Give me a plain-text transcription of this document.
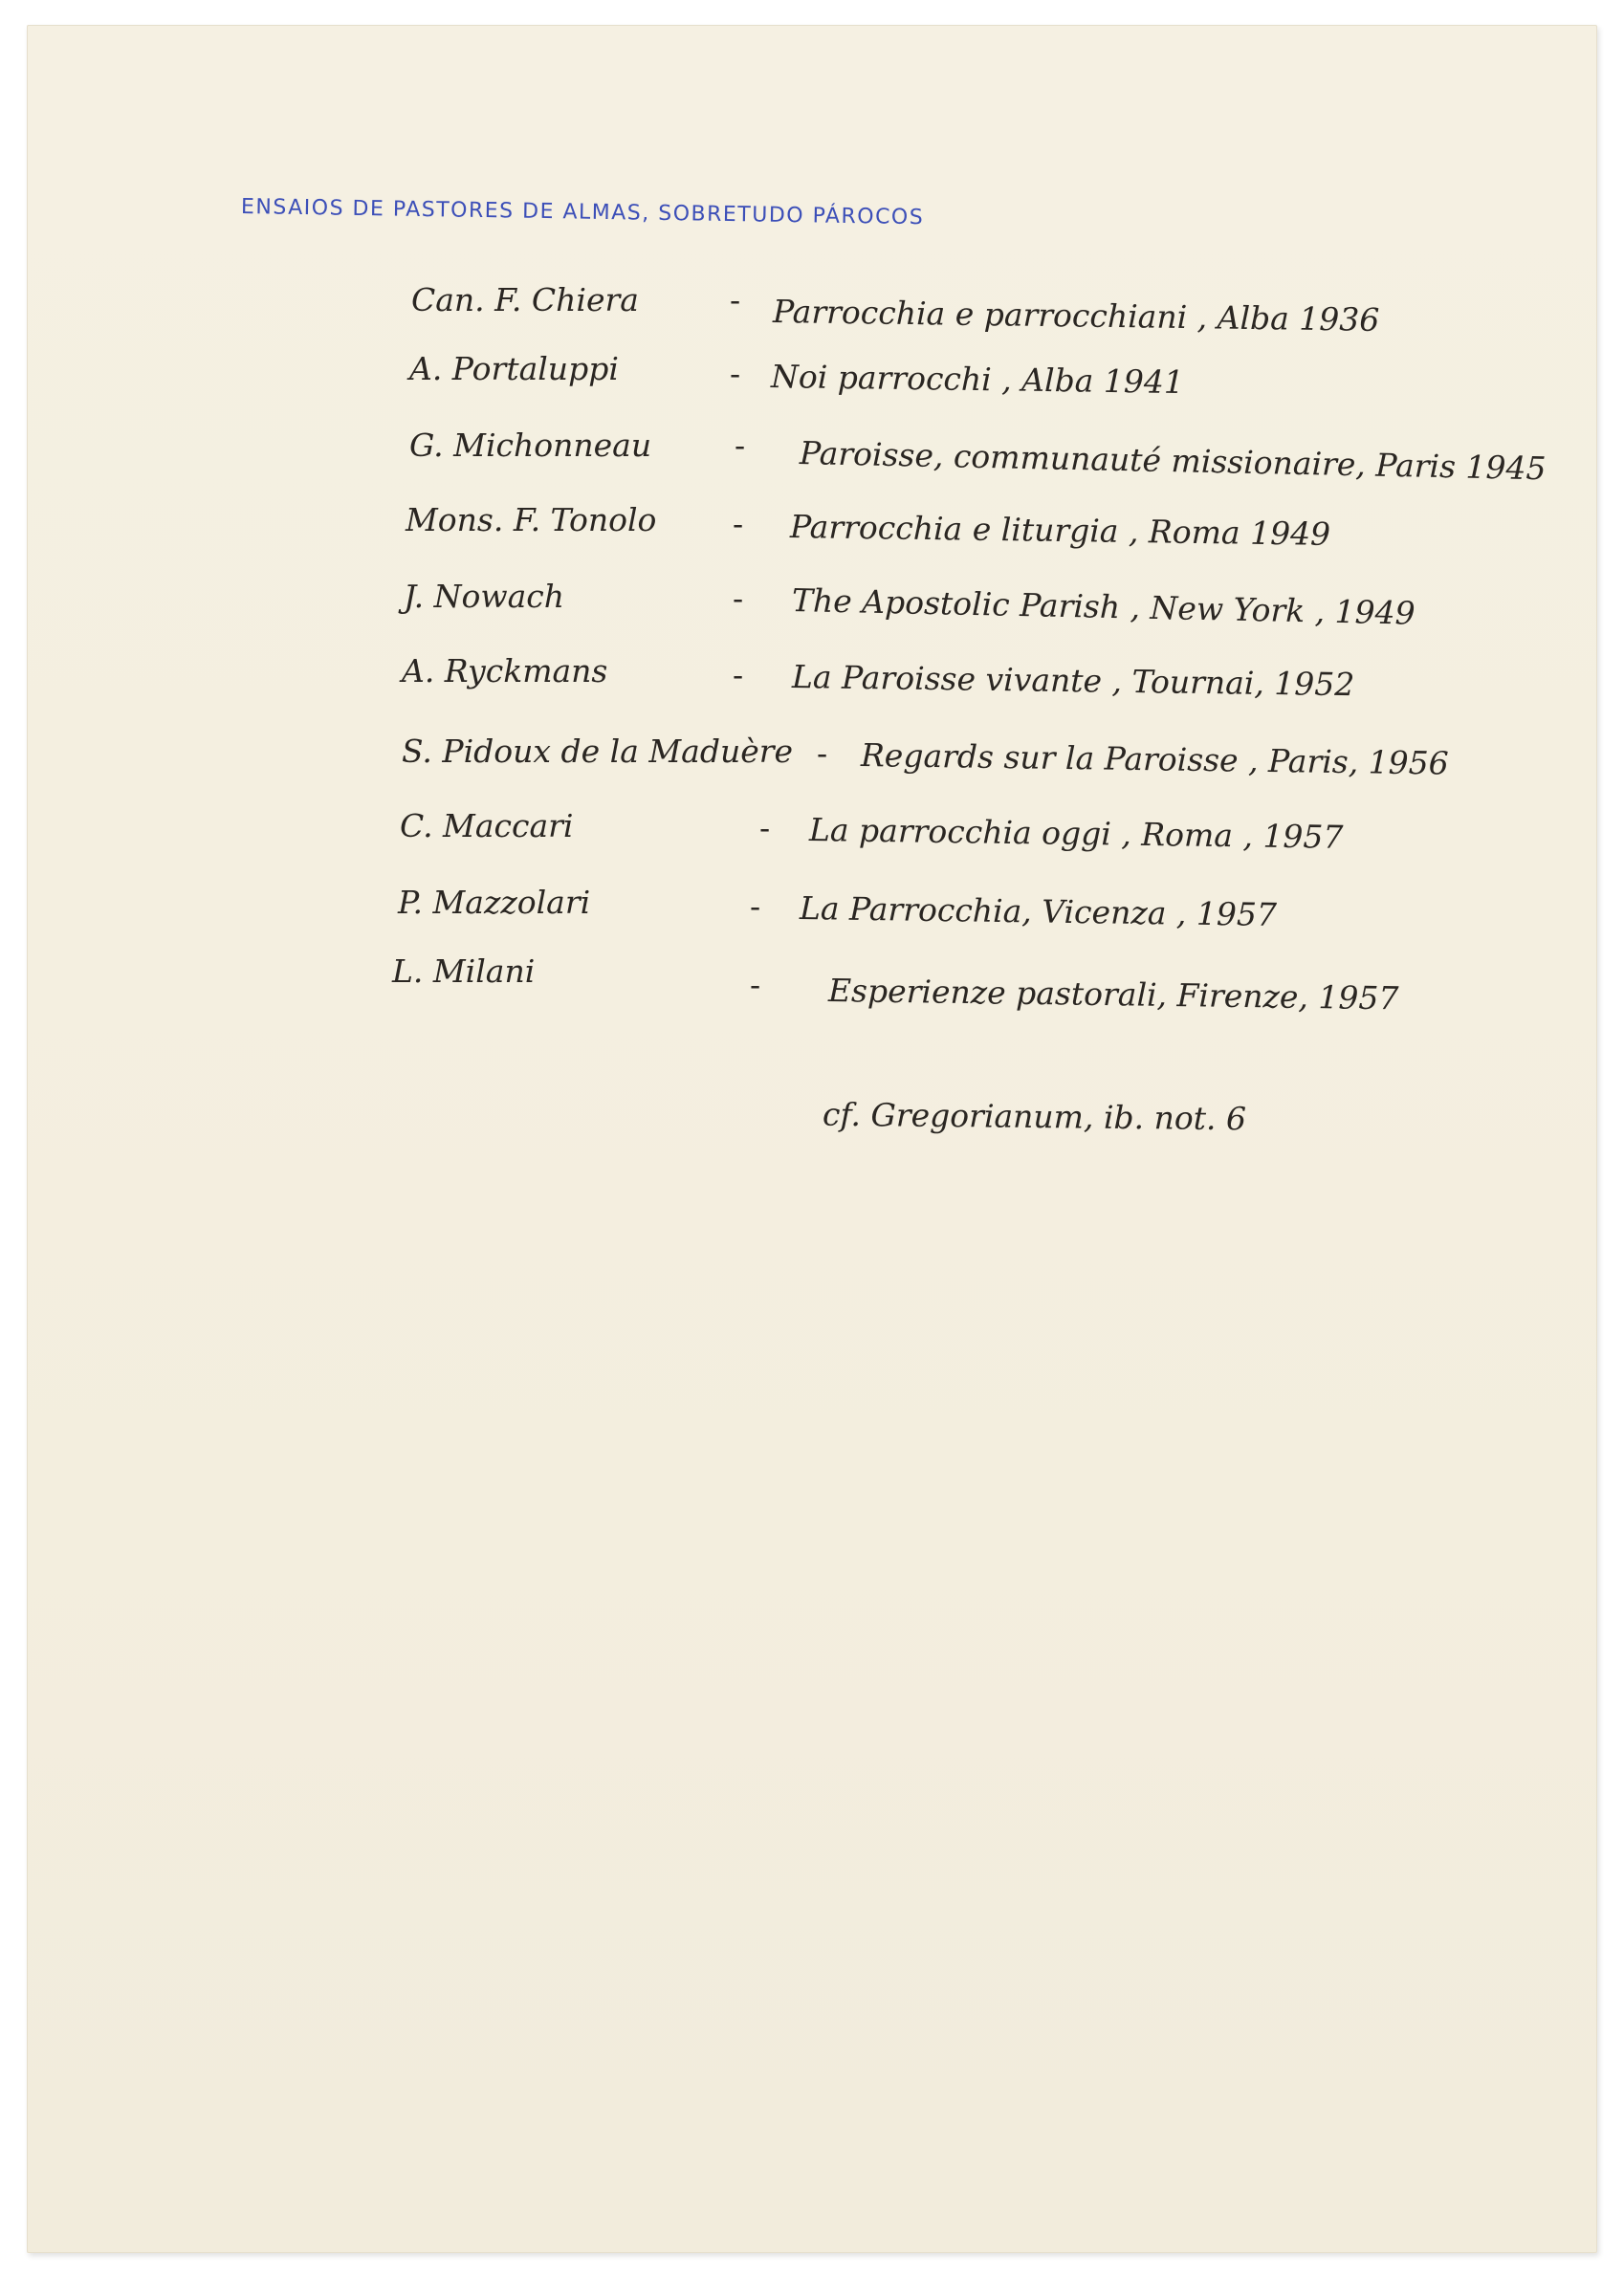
ENSAIOS DE PASTORES DE ALMAS, SOBRETUDO PÁROCOS
Can. F. Chiera	- Parrocchia e parrocchiani , Alba 1936
A. Portaluppi	- Noi parrocchi , Alba 1941
G. Michonneau	- Paroisse, communauté missionaire, Paris 1945
Mons. F. Tonolo - Parrocchia e liturgia , Roma 1949
J. Nowach	- The Apostolic Parish , New York , 1949
A. Ryckmans	- La Paroisse vivante , Tournai, 1952
S. Pidoux de la Maduère - Regards sur la Paroisse , Paris, 1956
C. Maccari	- La parrocchia oggi , Roma , 1957
P. Mazzolari	- La Parrocchia, Vicenza , 1957
L. Milani	- Esperienze pastorali, Firenze, 1957
cf. Gregorianum, ib. not. 6
